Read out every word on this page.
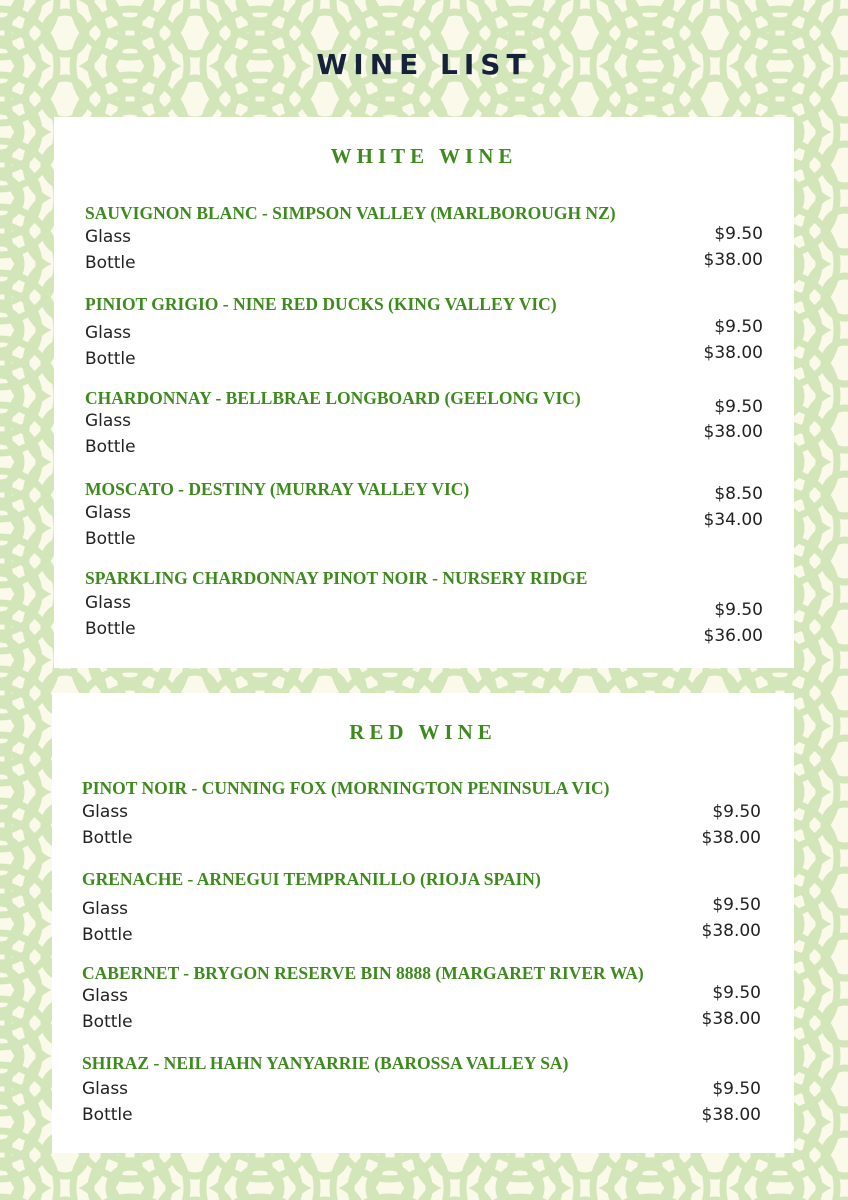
WINE LIST
WHITE WINE
SAUVIGNON BLANC - SIMPSON VALLEY (MARLBOROUGH NZ)
Glass
Bottle
$9.50
$38.00
PINIOT GRIGIO - NINE RED DUCKS (KING VALLEY VIC)
Glass
Bottle
$9.50
$38.00
CHARDONNAY - BELLBRAE LONGBOARD (GEELONG VIC)
Glass
Bottle
$9.50
$38.00
MOSCATO - DESTINY (MURRAY VALLEY VIC)
Glass
Bottle
$8.50
$34.00
SPARKLING CHARDONNAY PINOT NOIR - NURSERY RIDGE
Glass
Bottle
$9.50
$36.00
RED WINE
PINOT NOIR - CUNNING FOX (MORNINGTON PENINSULA VIC)
Glass
Bottle
$9.50
$38.00
GRENACHE - ARNEGUI TEMPRANILLO (RIOJA SPAIN)
Glass
Bottle
$9.50
$38.00
CABERNET - BRYGON RESERVE BIN 8888 (MARGARET RIVER WA)
Glass
Bottle
$9.50
$38.00
SHIRAZ - NEIL HAHN YANYARRIE (BAROSSA VALLEY SA)
Glass
Bottle
$9.50
$38.00
